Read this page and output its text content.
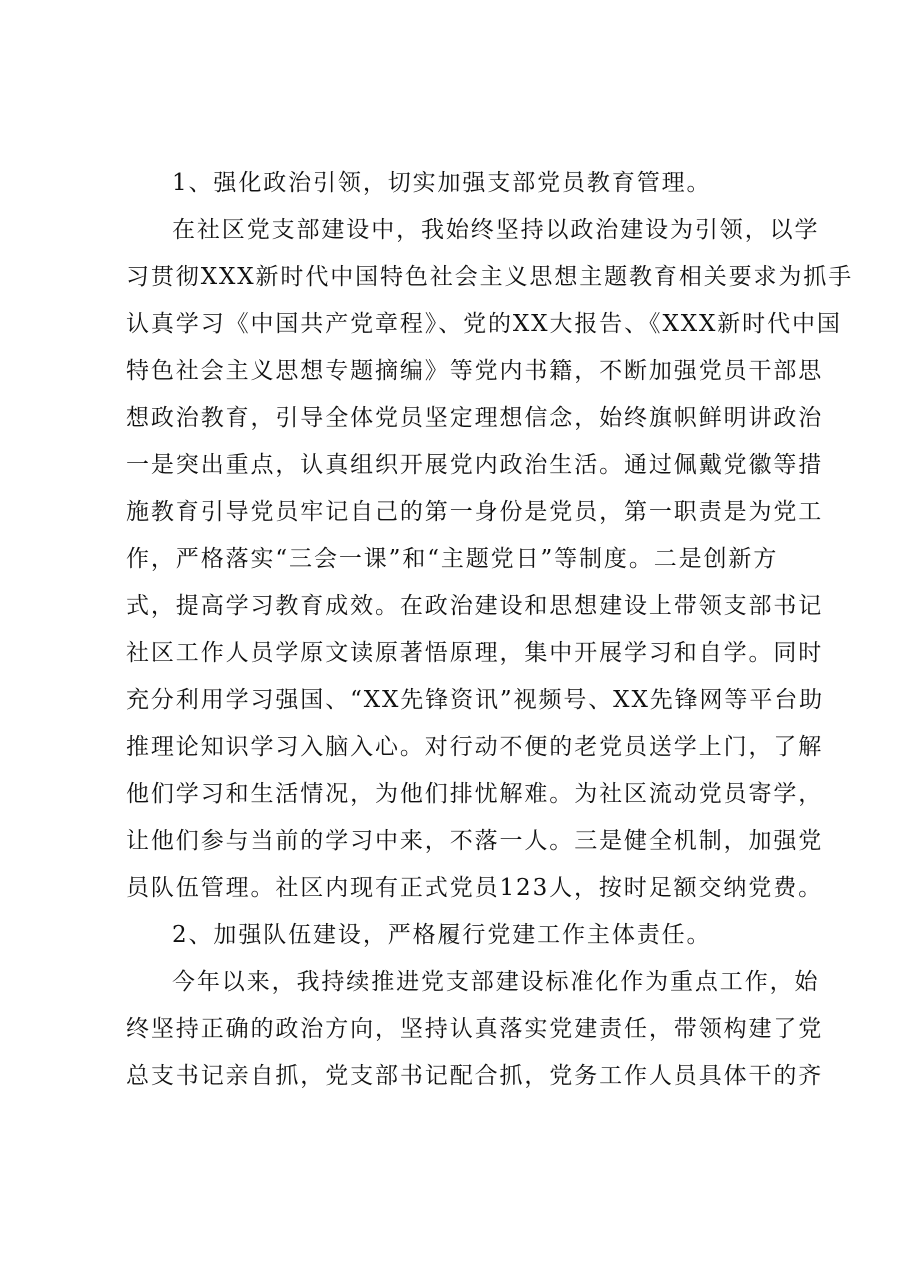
1、强化政治引领，切实加强支部党员教育管理。
在社区党支部建设中，我始终坚持以政治建设为引领，以学
习贯彻XXX新时代中国特色社会主义思想主题教育相关要求为抓手
认真学习《中国共产党章程》、党的XX大报告、《XXX新时代中国
特色社会主义思想专题摘编》等党内书籍，不断加强党员干部思
想政治教育，引导全体党员坚定理想信念，始终旗帜鲜明讲政治
一是突出重点，认真组织开展党内政治生活。通过佩戴党徽等措
施教育引导党员牢记自己的第一身份是党员，第一职责是为党工
作，严格落实“三会一课”和“主题党日”等制度。二是创新方
式，提高学习教育成效。在政治建设和思想建设上带领支部书记
社区工作人员学原文读原著悟原理，集中开展学习和自学。同时
充分利用学习强国、“XX先锋资讯”视频号、XX先锋网等平台助
推理论知识学习入脑入心。对行动不便的老党员送学上门，了解
他们学习和生活情况，为他们排忧解难。为社区流动党员寄学，
让他们参与当前的学习中来，不落一人。三是健全机制，加强党
员队伍管理。社区内现有正式党员123人，按时足额交纳党费。
2、加强队伍建设，严格履行党建工作主体责任。
今年以来，我持续推进党支部建设标准化作为重点工作，始
终坚持正确的政治方向，坚持认真落实党建责任，带领构建了党
总支书记亲自抓，党支部书记配合抓，党务工作人员具体干的齐
